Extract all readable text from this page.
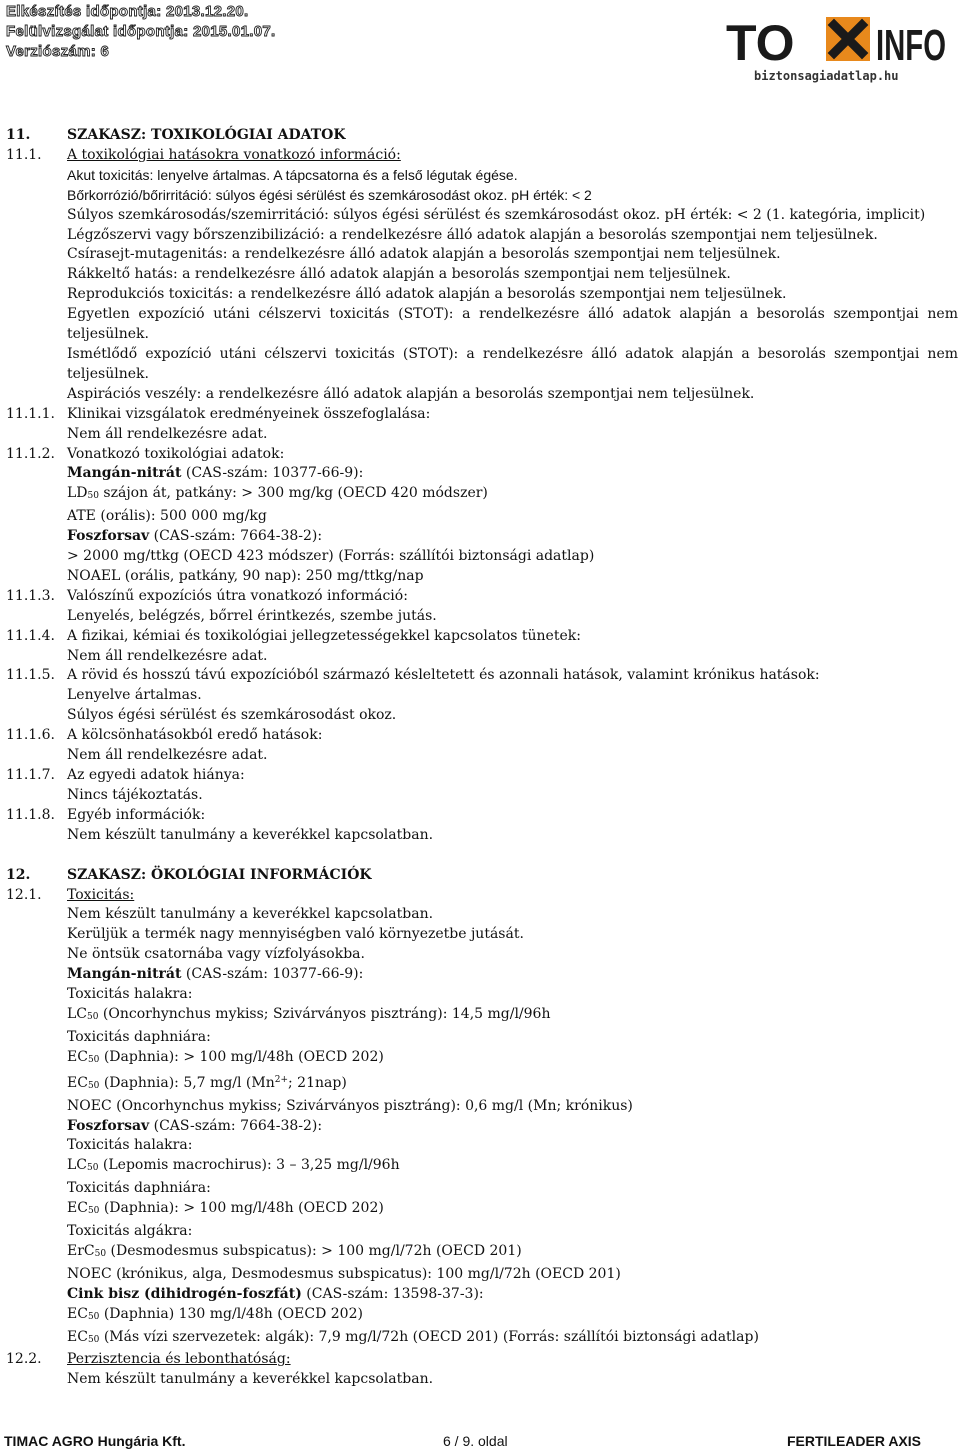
Elkészítés időpontja: 2013.12.20.
Felülvizsgálat időpontja: 2015.01.07.
Verziószám: 6	TO INFO
biztonsagiadatlap.hu
11.	SZAKASZ: TOXIKOLÓGIAI ADATOK
11.1.	A toxikológiai hatásokra vonatkozó információ:
Akut toxicitás: lenyelve ártalmas. A tápcsatorna és a felső légutak égése.
Bőrkorrózió/bőrirritáció: súlyos égési sérülést és szemkárosodást okoz. pH érték: < 2
Súlyos szemkárosodás/szemirritáció: súlyos égési sérülést és szemkárosodást okoz. pH érték: < 2 (1. kategória, implicit)
Légzőszervi vagy bőrszenzibilizáció: a rendelkezésre álló adatok alapján a besorolás szempontjai nem teljesülnek.
Csírasejt-mutagenitás: a rendelkezésre álló adatok alapján a besorolás szempontjai nem teljesülnek.
Rákkeltő hatás: a rendelkezésre álló adatok alapján a besorolás szempontjai nem teljesülnek.
Reprodukciós toxicitás: a rendelkezésre álló adatok alapján a besorolás szempontjai nem teljesülnek.
Egyetlen expozíció utáni célszervi toxicitás (STOT): a rendelkezésre álló adatok alapján a besorolás szempontjai nem teljesülnek.
Ismétlődő expozíció utáni célszervi toxicitás (STOT): a rendelkezésre álló adatok alapján a besorolás szempontjai nem teljesülnek.
Aspirációs veszély: a rendelkezésre álló adatok alapján a besorolás szempontjai nem teljesülnek.
11.1.1. Klinikai vizsgálatok eredményeinek összefoglalása:
Nem áll rendelkezésre adat.
11.1.2. Vonatkozó toxikológiai adatok:
Mangán-nitrát (CAS-szám: 10377-66-9):
$LD_{50}$ szájon át, patkány: > 300 mg/kg (OECD 420 módszer)
ATE (orális): 500 000 mg/kg
Foszforsav (CAS-szám: 7664-38-2):
> 2000 mg/ttkg (OECD 423 módszer) (Forrás: szállítói biztonsági adatlap)
NOAEL (orális, patkány, 90 nap): 250 mg/ttkg/nap
11.1.3. Valószínű expozíciós útra vonatkozó információ:
Lenyelés, belégzés, bőrrel érintkezés, szembe jutás.
11.1.4. A fizikai, kémiai és toxikológiai jellegzetességekkel kapcsolatos tünetek:
Nem áll rendelkezésre adat.
11.1.5. A rövid és hosszú távú expozícióból származó késleltetett és azonnali hatások, valamint krónikus hatások:
Lenyelve ártalmas.
Súlyos égési sérülést és szemkárosodást okoz.
11.1.6. A kölcsönhatásokból eredő hatások:
Nem áll rendelkezésre adat.
11.1.7. Az egyedi adatok hiánya:
Nincs tájékoztatás.
11.1.8. Egyéb információk:
Nem készült tanulmány a keverékkel kapcsolatban.
12.	SZAKASZ: ÖKOLÓGIAI INFORMÁCIÓK
12.1.	Toxicitás:
Nem készült tanulmány a keverékkel kapcsolatban.
Kerüljük a termék nagy mennyiségben való környezetbe jutását.
Ne öntsük csatornába vagy vízfolyásokba.
Mangán-nitrát (CAS-szám: 10377-66-9):
Toxicitás halakra:
$LC_{50}$ (Oncorhynchus mykiss; Szivárványos pisztráng): 14,5 mg/l/96h
Toxicitás daphniára:
$EC_{50}$ (Daphnia): > 100 mg/l/48h (OECD 202)
$EC_{50}$ (Daphnia): 5,7 mg/l ($Mn^{2+}$; 21nap)
NOEC (Oncorhynchus mykiss; Szivárványos pisztráng): 0,6 mg/l (Mn; krónikus)
Foszforsav (CAS-szám: 7664-38-2):
Toxicitás halakra:
$LC_{50}$ (Lepomis macrochirus): 3 – 3,25 mg/l/96h
Toxicitás daphniára:
$EC_{50}$ (Daphnia): > 100 mg/l/48h (OECD 202)
Toxicitás algákra:
ErC$_{50}$ (Desmodesmus subspicatus): > 100 mg/l/72h (OECD 201)
NOEC (krónikus, alga, Desmodesmus subspicatus): 100 mg/l/72h (OECD 201)
Cink bisz (dihidrogén-foszfát) (CAS-szám: 13598-37-3):
$EC_{50}$ (Daphnia) 130 mg/l/48h (OECD 202)
$EC_{50}$ (Más vízi szervezetek: algák): 7,9 mg/l/72h (OECD 201) (Forrás: szállítói biztonsági adatlap)
12.2.	Perzisztencia és lebonthatóság:
Nem készült tanulmány a keverékkel kapcsolatban.
TIMAC AGRO Hungária Kft.	6 / 9. oldal	FERTILEADER AXIS
